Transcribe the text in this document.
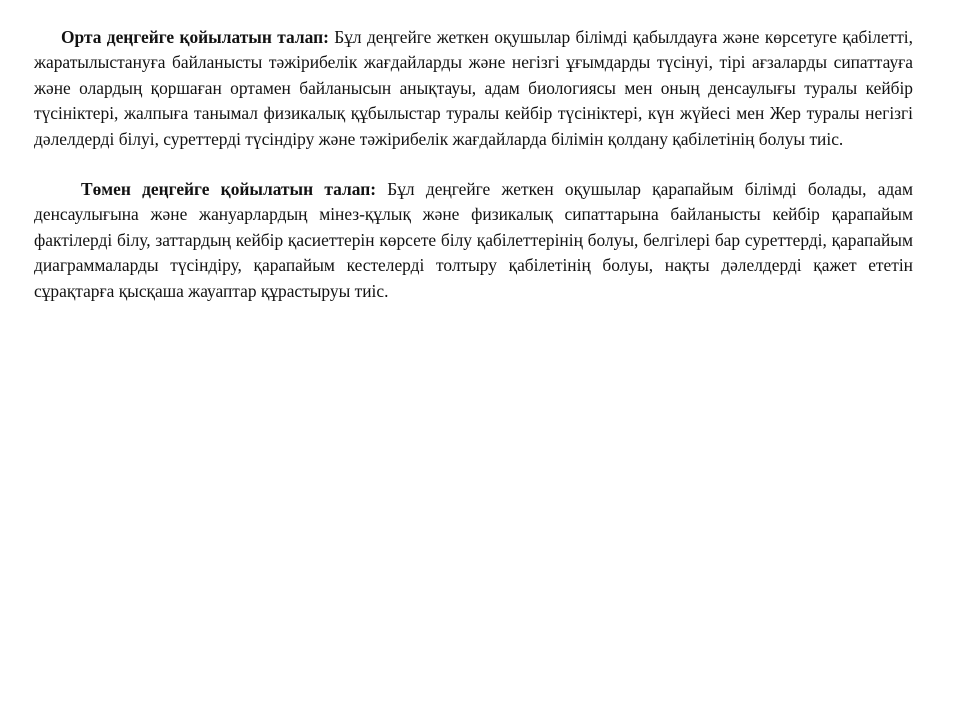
Орта деңгейге қойылатын талап: Бұл деңгейге жеткен оқушылар білімді қабылдауға және көрсетуге қабілетті, жаратылыстануға байланысты тәжірибелік жағдайларды және негізгі ұғымдарды түсінуі, тірі ағзаларды сипаттауға және олардың қоршаған ортамен байланысын анықтауы, адам биологиясы мен оның денсаулығы туралы кейбір түсініктері, жалпыға танымал физикалық құбылыстар туралы кейбір түсініктері, күн жүйесі мен Жер туралы негізгі дәлелдерді білуі, суреттерді түсіндіру және тәжірибелік жағдайларда білімін қолдану қабілетінің болуы тиіс.

Төмен деңгейге қойылатын талап: Бұл деңгейге жеткен оқушылар қарапайым білімді болады, адам денсаулығына және жануарлардың мінез-құлық және физикалық сипаттарына байланысты кейбір қарапайым фактілерді білу, заттардың кейбір қасиеттерін көрсете білу қабілеттерінің болуы, белгілері бар суреттерді, қарапайым диаграммаларды түсіндіру, қарапайым кестелерді толтыру қабілетінің болуы, нақты дәлелдерді қажет ететін сұрақтарға қысқаша жауаптар құрастыруы тиіс.
